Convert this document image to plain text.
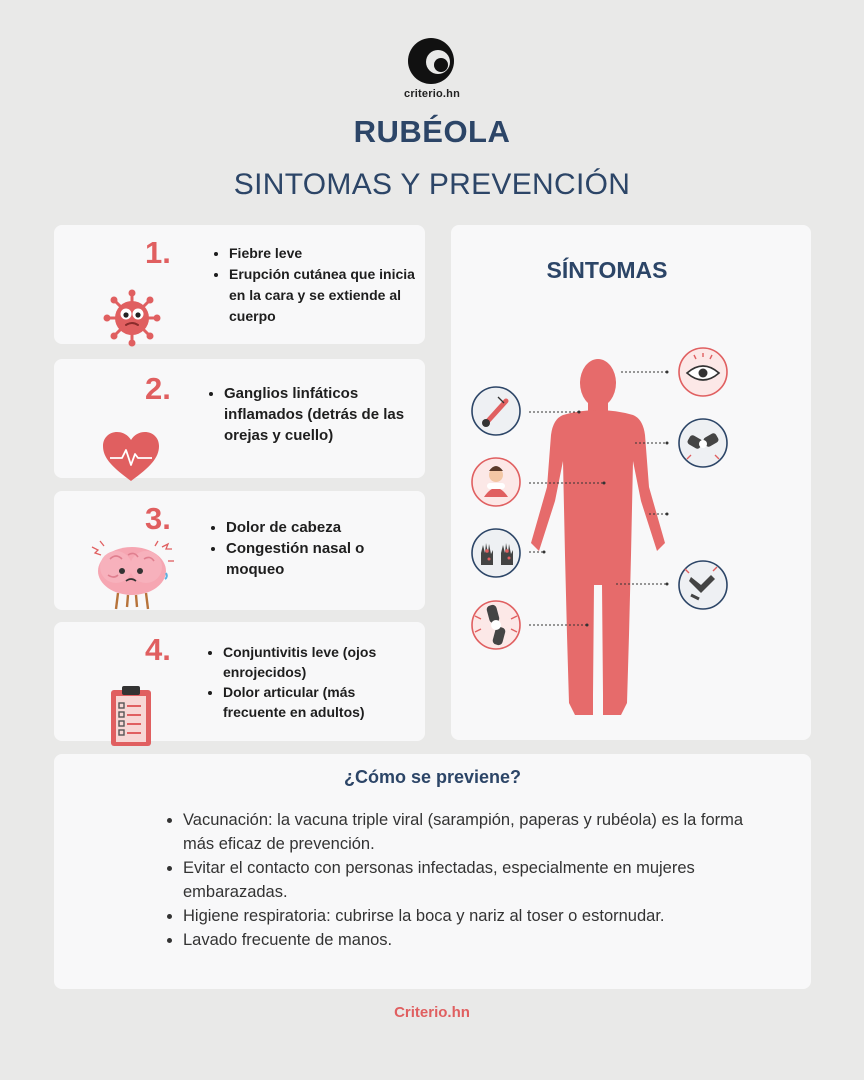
criterio.hn
RUBÉOLA
SINTOMAS Y PREVENCIÓN
1.	• Fiebre leve
• Erupción cutánea que inicia en la cara y se extiende al cuerpo
2.	• Ganglios linfáticos inflamados (detrás de las orejas y cuello)
3.	• Dolor de cabeza
• Congestión nasal o moqueo
4.	• Conjuntivitis leve (ojos enrojecidos)
• Dolor articular (más frecuente en adultos)
SÍNTOMAS
¿Cómo se previene?
• Vacunación: la vacuna triple viral (sarampión, paperas y rubéola) es la forma más eficaz de prevención.
• Evitar el contacto con personas infectadas, especialmente en mujeres embarazadas.
• Higiene respiratoria: cubrirse la boca y nariz al toser o estornudar.
• Lavado frecuente de manos.
Criterio.hn
